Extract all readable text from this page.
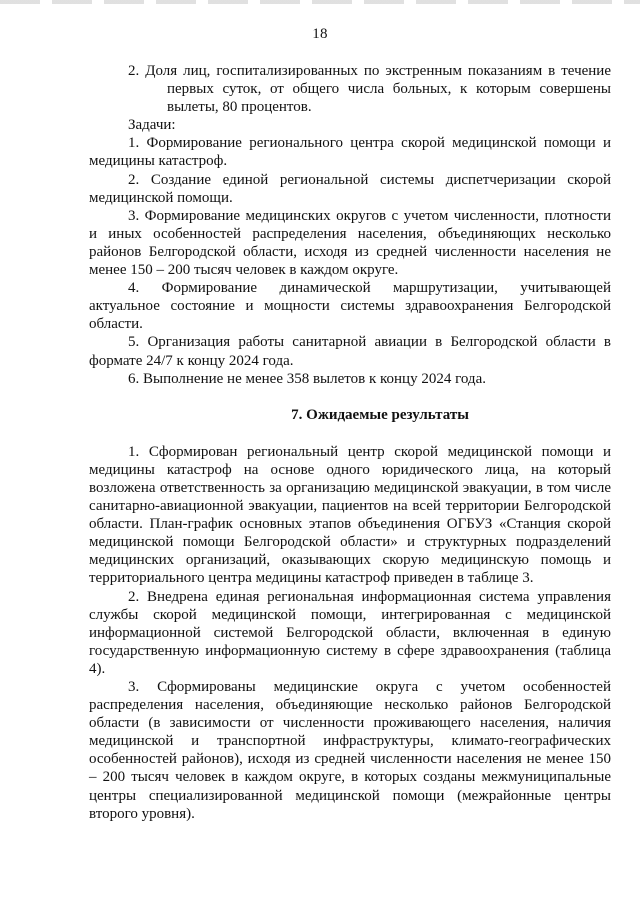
18

2. Доля лиц, госпитализированных по экстренным показаниям в течение первых суток, от общего числа больных, к которым совершены вылеты, 80 процентов.

Задачи:

1. Формирование регионального центра скорой медицинской помощи и медицины катастроф.

2. Создание единой региональной системы диспетчеризации скорой медицинской помощи.

3. Формирование медицинских округов с учетом численности, плотности и иных особенностей распределения населения, объединяющих несколько районов Белгородской области, исходя из средней численности населения не менее 150 – 200 тысяч человек в каждом округе.

4. Формирование динамической маршрутизации, учитывающей актуальное состояние и мощности системы здравоохранения Белгородской области.

5. Организация работы санитарной авиации в Белгородской области в формате 24/7 к концу 2024 года.

6. Выполнение не менее 358 вылетов к концу 2024 года.

7. Ожидаемые результаты

1. Сформирован региональный центр скорой медицинской помощи и медицины катастроф на основе одного юридического лица, на который возложена ответственность за организацию медицинской эвакуации, в том числе санитарно-авиационной эвакуации, пациентов на всей территории Белгородской области. План-график основных этапов объединения ОГБУЗ «Станция скорой медицинской помощи Белгородской области» и структурных подразделений медицинских организаций, оказывающих скорую медицинскую помощь и территориального центра медицины катастроф приведен в таблице 3.

2. Внедрена единая региональная информационная система управления службы скорой медицинской помощи, интегрированная с медицинской информационной системой Белгородской области, включенная в единую государственную информационную систему в сфере здравоохранения (таблица 4).

3. Сформированы медицинские округа с учетом особенностей распределения населения, объединяющие несколько районов Белгородской области (в зависимости от численности проживающего населения, наличия медицинской и транспортной инфраструктуры, климато-географических особенностей районов), исходя из средней численности населения не менее 150 – 200 тысяч человек в каждом округе, в которых созданы межмуниципальные центры специализированной медицинской помощи (межрайонные центры второго уровня).
